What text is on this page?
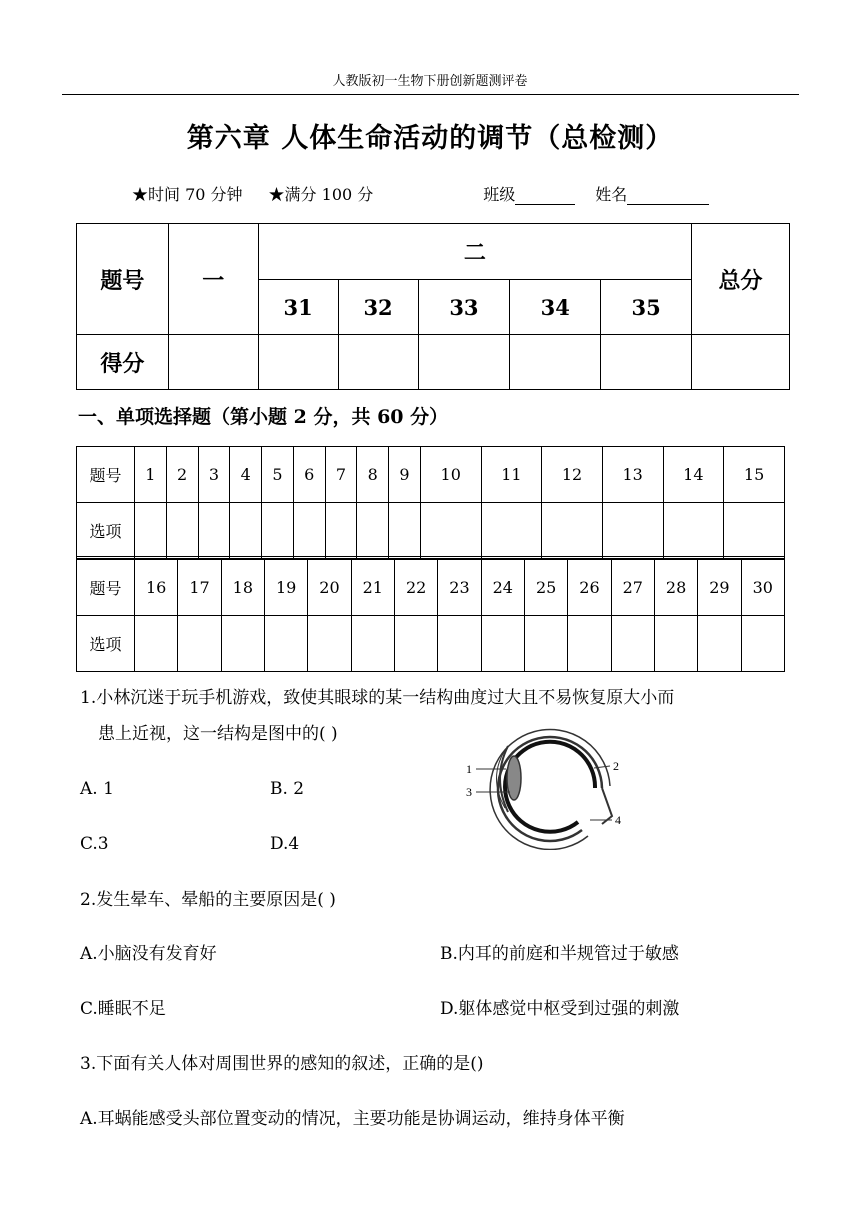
人教版初一生物下册创新题测评卷
第六章 人体生命活动的调节（总检测）
★时间 70 分钟 ★满分 100 分	班级	姓名
题号	一	二					总分
		31	32	33	34	35	
得分							
一、单项选择题（第小题 2 分，共 60 分）
题号	1	2	3	4	5	6	7	8	9	10	11	12	13	14	15
选项															
题号	16	17	18	19	20	21	22	23	24	25	26	27	28	29	30
选项															
1.小林沉迷于玩手机游戏，致使其眼球的某一结构曲度过大且不易恢复原大小而
患上近视，这一结构是图中的( )
A. 1	B. 2
C.3	D.4
1
3
2
4
2.发生晕车、晕船的主要原因是( )
A.小脑没有发育好	B.内耳的前庭和半规管过于敏感
C.睡眠不足	D.躯体感觉中枢受到过强的刺激
3.下面有关人体对周围世界的感知的叙述，正确的是()
A.耳蜗能感受头部位置变动的情况，主要功能是协调运动，维持身体平衡
